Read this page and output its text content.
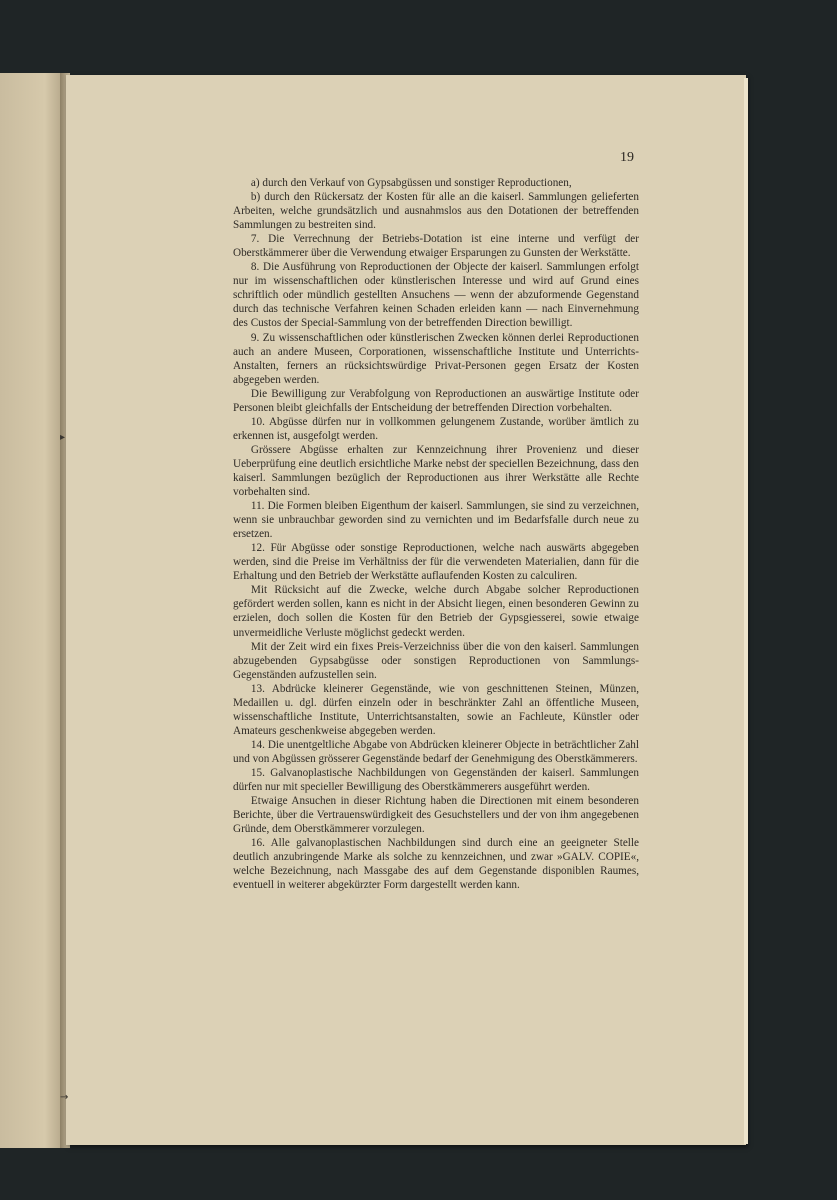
▸
→
19

a) durch den Verkauf von Gypsabgüssen und sonstiger Reproductionen,

b) durch den Rückersatz der Kosten für alle an die kaiserl. Sammlungen gelieferten Arbeiten, welche grundsätzlich und ausnahmslos aus den Dotationen der betreffenden Sammlungen zu bestreiten sind.

7. Die Verrechnung der Betriebs-Dotation ist eine interne und verfügt der Oberstkämmerer über die Verwendung etwaiger Ersparungen zu Gunsten der Werkstätte.

8. Die Ausführung von Reproductionen der Objecte der kaiserl. Sammlungen erfolgt nur im wissenschaftlichen oder künstlerischen Interesse und wird auf Grund eines schriftlich oder mündlich gestellten Ansuchens — wenn der abzuformende Gegenstand durch das technische Verfahren keinen Schaden erleiden kann — nach Einvernehmung des Custos der Special-Sammlung von der betreffenden Direction bewilligt.

9. Zu wissenschaftlichen oder künstlerischen Zwecken können derlei Reproductionen auch an andere Museen, Corporationen, wissenschaftliche Institute und Unterrichts-Anstalten, ferners an rücksichtswürdige Privat-Personen gegen Ersatz der Kosten abgegeben werden.

Die Bewilligung zur Verabfolgung von Reproductionen an auswärtige Institute oder Personen bleibt gleichfalls der Entscheidung der betreffenden Direction vorbehalten.

10. Abgüsse dürfen nur in vollkommen gelungenem Zustande, worüber ämtlich zu erkennen ist, ausgefolgt werden.

Grössere Abgüsse erhalten zur Kennzeichnung ihrer Provenienz und dieser Ueberprüfung eine deutlich ersichtliche Marke nebst der speciellen Bezeichnung, dass den kaiserl. Sammlungen bezüglich der Reproductionen aus ihrer Werkstätte alle Rechte vorbehalten sind.

11. Die Formen bleiben Eigenthum der kaiserl. Sammlungen, sie sind zu verzeichnen, wenn sie unbrauchbar geworden sind zu vernichten und im Bedarfsfalle durch neue zu ersetzen.

12. Für Abgüsse oder sonstige Reproductionen, welche nach auswärts abgegeben werden, sind die Preise im Verhältniss der für die verwendeten Materialien, dann für die Erhaltung und den Betrieb der Werkstätte auflaufenden Kosten zu calculiren.

Mit Rücksicht auf die Zwecke, welche durch Abgabe solcher Reproductionen gefördert werden sollen, kann es nicht in der Absicht liegen, einen besonderen Gewinn zu erzielen, doch sollen die Kosten für den Betrieb der Gypsgiesserei, sowie etwaige unvermeidliche Verluste möglichst gedeckt werden.

Mit der Zeit wird ein fixes Preis-Verzeichniss über die von den kaiserl. Sammlungen abzugebenden Gypsabgüsse oder sonstigen Reproductionen von Sammlungs-Gegenständen aufzustellen sein.

13. Abdrücke kleinerer Gegenstände, wie von geschnittenen Steinen, Münzen, Medaillen u. dgl. dürfen einzeln oder in beschränkter Zahl an öffentliche Museen, wissenschaftliche Institute, Unterrichtsanstalten, sowie an Fachleute, Künstler oder Amateurs geschenkweise abgegeben werden.

14. Die unentgeltliche Abgabe von Abdrücken kleinerer Objecte in beträchtlicher Zahl und von Abgüssen grösserer Gegenstände bedarf der Genehmigung des Oberstkämmerers.

15. Galvanoplastische Nachbildungen von Gegenständen der kaiserl. Sammlungen dürfen nur mit specieller Bewilligung des Oberstkämmerers ausgeführt werden.

Etwaige Ansuchen in dieser Richtung haben die Directionen mit einem besonderen Berichte, über die Vertrauenswürdigkeit des Gesuchstellers und der von ihm angegebenen Gründe, dem Oberstkämmerer vorzulegen.

16. Alle galvanoplastischen Nachbildungen sind durch eine an geeigneter Stelle deutlich anzubringende Marke als solche zu kennzeichnen, und zwar »GALV. COPIE«, welche Bezeichnung, nach Massgabe des auf dem Gegenstande disponiblen Raumes, eventuell in weiterer abgekürzter Form dargestellt werden kann.
